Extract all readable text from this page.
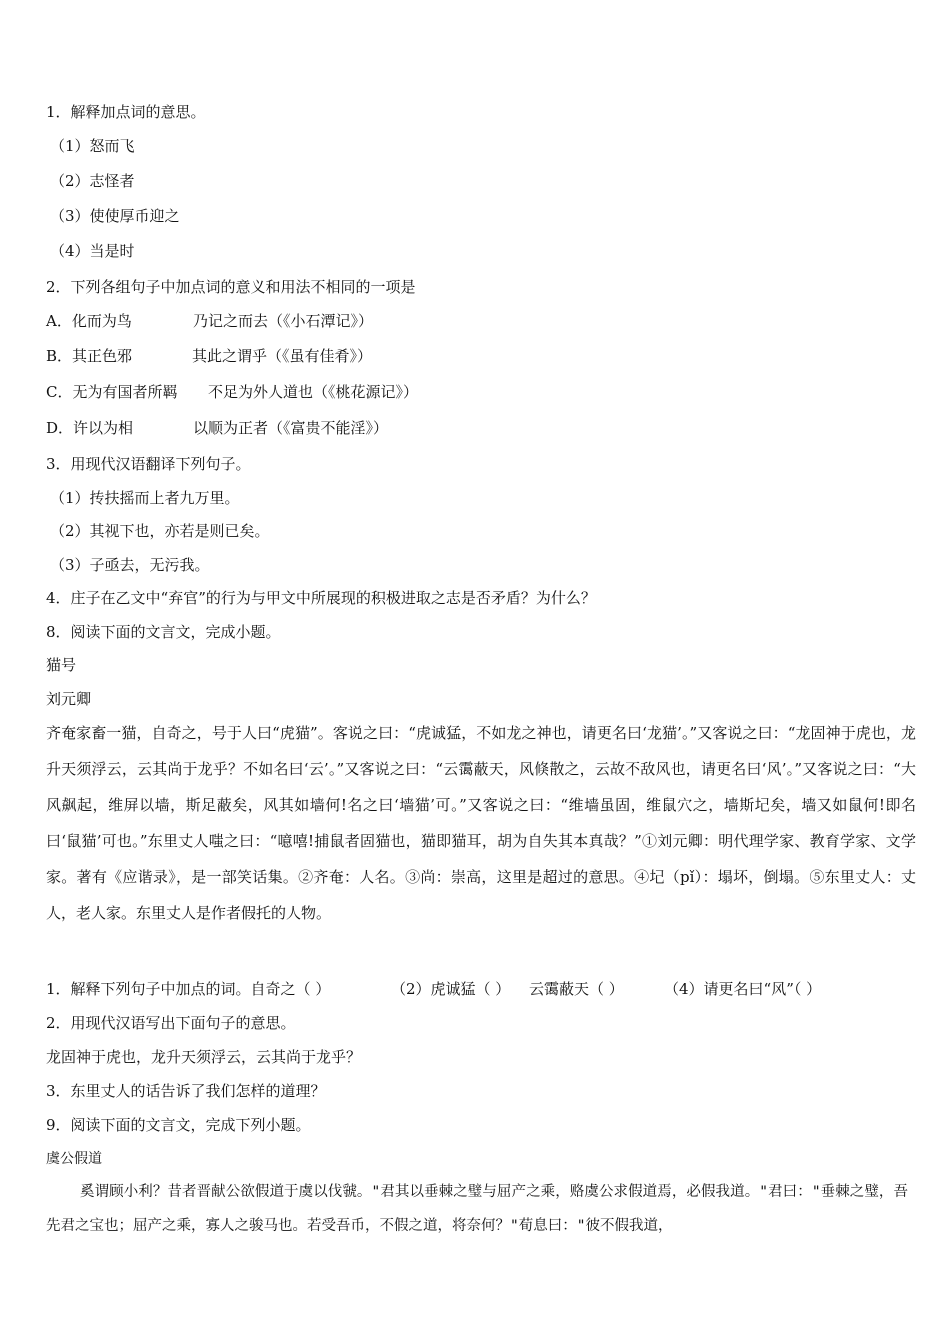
1．解释加点词的意思。
（1）怒而飞
（2）志怪者
（3）使使厚币迎之
（4）当是时
2．下列各组句子中加点词的意义和用法不相同的一项是
A．化而为鸟	乃记之而去（《小石潭记》）
B．其正色邪	其此之谓乎（《虽有佳肴》）
C．无为有国者所羁 不足为外人道也（《桃花源记》）
D．许以为相	以顺为正者（《富贵不能淫》）
3．用现代汉语翻译下列句子。
（1）抟扶摇而上者九万里。
（2）其视下也，亦若是则已矣。
（3）子亟去，无污我。
4．庄子在乙文中“弃官”的行为与甲文中所展现的积极进取之志是否矛盾？为什么？
8．阅读下面的文言文，完成小题。
猫号
刘元卿
齐奄家畜一猫，自奇之，号于人曰“虎猫”。客说之曰：“虎诚猛，不如龙之神也，请更名曰‘龙猫’。”又客说之曰：“龙固神于虎也，龙升天须浮云，云其尚于龙乎？不如名曰‘云’。”又客说之曰：“云霭蔽天，风倏散之，云故不敌风也，请更名曰‘风’。”又客说之曰：“大风飙起，维屏以墙，斯足蔽矣，风其如墙何!名之曰‘墙猫’可。”又客说之曰：“维墙虽固，维鼠穴之，墙斯圮矣，墙又如鼠何!即名曰‘鼠猫’可也。”东里丈人嗤之曰：“噫嘻!捕鼠者固猫也，猫即猫耳，胡为自失其本真哉？”①刘元卿：明代理学家、教育学家、文学家。著有《应谐录》，是一部笑话集。②齐奄：人名。③尚：崇高，这里是超过的意思。④圮（pǐ）：塌坏，倒塌。⑤东里丈人：丈人，老人家。东里丈人是作者假托的人物。
1．解释下列句子中加点的词。自奇之（ ）	（2）虎诚猛（ ） 云霭蔽天（ ）	（4）请更名曰“风”（ ）
2．用现代汉语写出下面句子的意思。
龙固神于虎也，龙升天须浮云，云其尚于龙乎？
3．东里丈人的话告诉了我们怎样的道理？
9．阅读下面的文言文，完成下列小题。
虞公假道
奚谓顾小利？昔者晋献公欲假道于虞以伐虢。"君其以垂棘之璧与屈产之乘，赂虞公求假道焉，必假我道。"君曰："垂棘之璧，吾先君之宝也；屈产之乘，寡人之骏马也。若受吾币，不假之道，将奈何？"荀息曰："彼不假我道，
